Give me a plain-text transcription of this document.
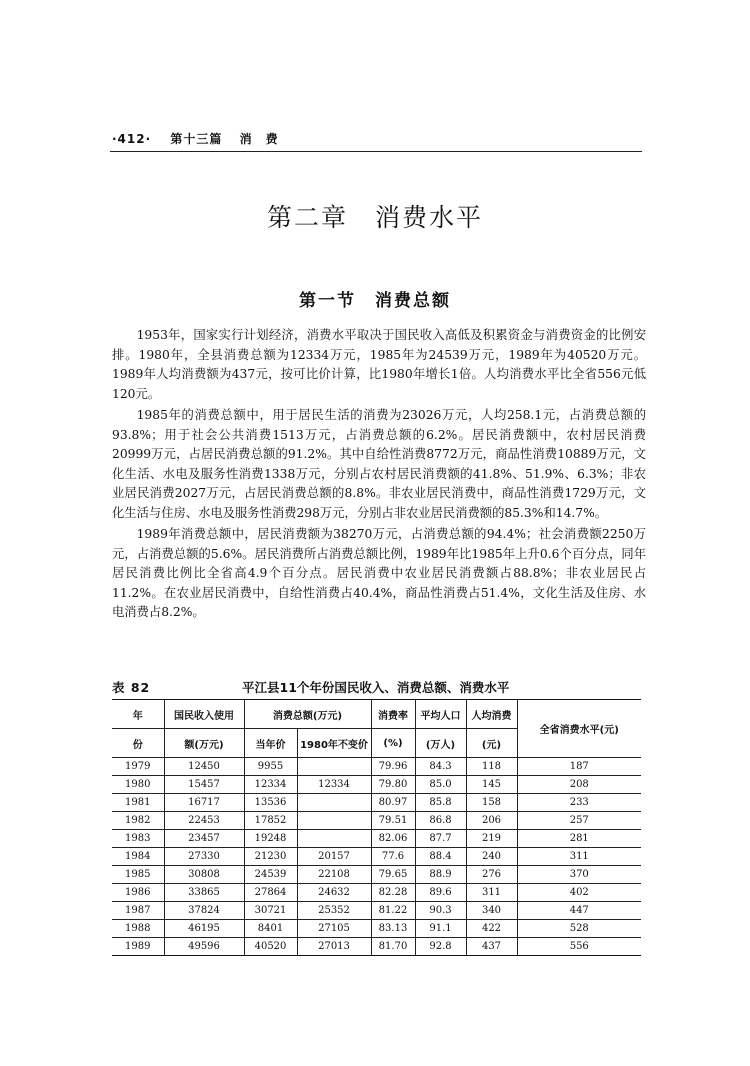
·412· 第十三篇 消　费
第二章　消费水平
第一节　消费总额

1953年，国家实行计划经济，消费水平取决于国民收入高低及积累资金与消费资金的比例安排。1980年，全县消费总额为12334万元，1985年为24539万元，1989年为40520万元。1989年人均消费额为437元，按可比价计算，比1980年增长1倍。人均消费水平比全省556元低120元。

1985年的消费总额中，用于居民生活的消费为23026万元，人均258.1元，占消费总额的93.8%；用于社会公共消费1513万元，占消费总额的6.2%。居民消费额中，农村居民消费20999万元，占居民消费总额的91.2%。其中自给性消费8772万元，商品性消费10889万元，文化生活、水电及服务性消费1338万元，分别占农村居民消费额的41.8%、51.9%、6.3%；非农业居民消费2027万元，占居民消费总额的8.8%。非农业居民消费中，商品性消费1729万元，文化生活与住房、水电及服务性消费298万元，分别占非农业居民消费额的85.3%和14.7%。

1989年消费总额中，居民消费额为38270万元，占消费总额的94.4%；社会消费额2250万元，占消费总额的5.6%。居民消费所占消费总额比例，1989年比1985年上升0.6个百分点，同年居民消费比例比全省高4.9个百分点。居民消费中农业居民消费额占88.8%；非农业居民占11.2%。在农业居民消费中，自给性消费占40.4%，商品性消费占51.4%，文化生活及住房、水电消费占8.2%。

表 82	平江县11个年份国民收入、消费总额、消费水平
年	国民收入使用	消费总额(万元)		消费率	平均人口	人均消费	全省消费水平(元)
份	额(万元)	当年价	1980年不变价	(%)	(万人)	(元)	
1979	12450	9955		79.96	84.3	118	187
1980	15457	12334	12334	79.80	85.0	145	208
1981	16717	13536		80.97	85.8	158	233
1982	22453	17852		79.51	86.8	206	257
1983	23457	19248		82.06	87.7	219	281
1984	27330	21230	20157	77.6	88.4	240	311
1985	30808	24539	22108	79.65	88.9	276	370
1986	33865	27864	24632	82.28	89.6	311	402
1987	37824	30721	25352	81.22	90.3	340	447
1988	46195	8401	27105	83.13	91.1	422	528
1989	49596	40520	27013	81.70	92.8	437	556
